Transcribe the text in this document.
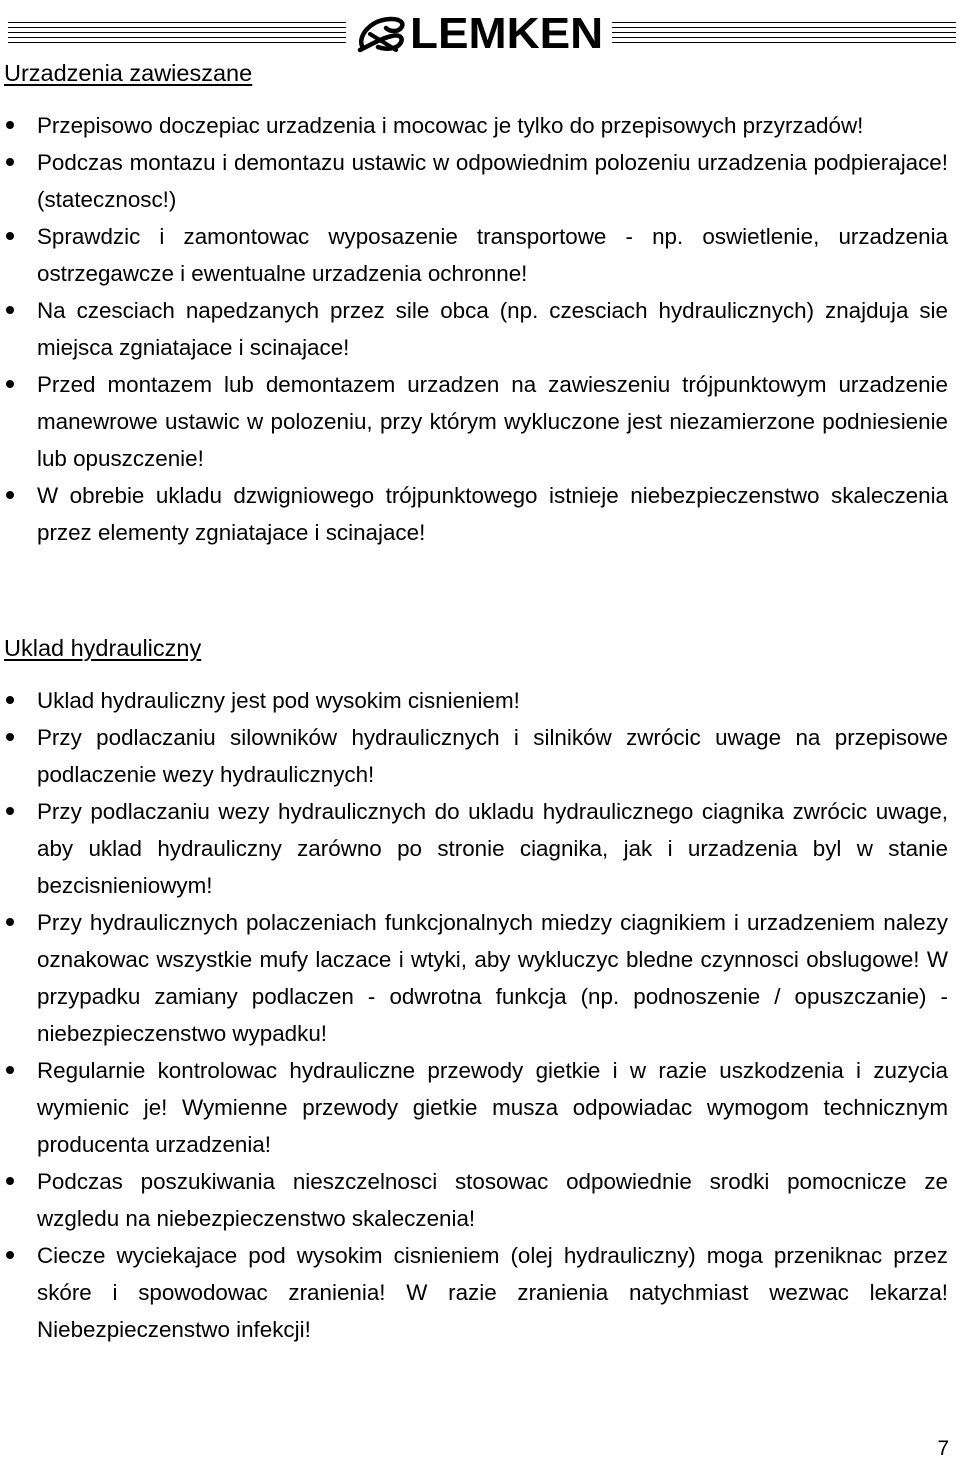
LEMKEN
Urzadzenia zawieszane
Przepisowo doczepiac urzadzenia i mocowac je tylko do przepisowych przyrzadów!
Podczas montazu i demontazu ustawic w odpowiednim polozeniu urzadzenia podpierajace! (statecznosc!)
Sprawdzic i zamontowac wyposazenie transportowe - np. oswietlenie, urzadzenia ostrzegawcze i ewentualne urzadzenia ochronne!
Na czesciach napedzanych przez sile obca (np. czesciach hydraulicznych) znajduja sie miejsca zgniatajace i scinajace!
Przed montazem lub demontazem urzadzen na zawieszeniu trójpunktowym urzadzenie manewrowe ustawic w polozeniu, przy którym wykluczone jest niezamierzone podniesienie lub opuszczenie!
W obrebie ukladu dzwigniowego trójpunktowego istnieje niebezpieczenstwo skaleczenia przez elementy zgniatajace i scinajace!
Uklad hydrauliczny
Uklad hydrauliczny jest pod wysokim cisnieniem!
Przy podlaczaniu silowników hydraulicznych i silników zwrócic uwage na przepisowe podlaczenie wezy hydraulicznych!
Przy podlaczaniu wezy hydraulicznych do ukladu hydraulicznego ciagnika zwrócic uwage, aby uklad hydrauliczny zarówno po stronie ciagnika, jak i urzadzenia byl w stanie bezcisnieniowym!
Przy hydraulicznych polaczeniach funkcjonalnych miedzy ciagnikiem i urzadzeniem nalezy oznakowac wszystkie mufy laczace i wtyki, aby wykluczyc bledne czynnosci obslugowe! W przypadku zamiany podlaczen - odwrotna funkcja (np. podnoszenie / opuszczanie) - niebezpieczenstwo wypadku!
Regularnie kontrolowac hydrauliczne przewody gietkie i w razie uszkodzenia i zuzycia wymienic je! Wymienne przewody gietkie musza odpowiadac wymogom technicznym producenta urzadzenia!
Podczas poszukiwania nieszczelnosci stosowac odpowiednie srodki pomocnicze ze wzgledu na niebezpieczenstwo skaleczenia!
Ciecze wyciekajace pod wysokim cisnieniem (olej hydrauliczny) moga przeniknac przez skóre i spowodowac zranienia! W razie zranienia natychmiast wezwac lekarza! Niebezpieczenstwo infekcji!
7
